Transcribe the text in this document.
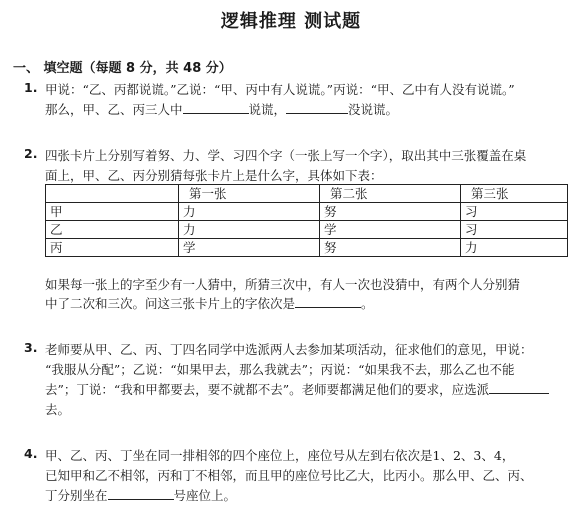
逻辑推理 测试题
一、 填空题（每题 8 分，共 48 分）
1. 甲说：“乙、丙都说谎。”乙说：“甲、丙中有人说谎。”丙说：“甲、乙中有人没有说谎。”
那么，甲、乙、丙三人中	说谎，	没说谎。
2. 四张卡片上分别写着努、力、学、习四个字（一张上写一个字），取出其中三张覆盖在桌
面上，甲、乙、丙分别猜每张卡片上是什么字，具体如下表：
	第一张	第二张	第三张
甲	力	努	习
乙	力	学	习
丙	学	努	力
如果每一张上的字至少有一人猜中，所猜三次中，有人一次也没猜中，有两个人分别猜
中了二次和三次。问这三张卡片上的字依次是	。
3. 老师要从甲、乙、丙、丁四名同学中选派两人去参加某项活动，征求他们的意见，甲说：
“我服从分配”；乙说：“如果甲去，那么我就去”；丙说：“如果我不去，那么乙也不能
去”；丁说：“我和甲都要去，要不就都不去”。老师要都满足他们的要求，应选派
去。
4. 甲、乙、丙、丁坐在同一排相邻的四个座位上，座位号从左到右依次是1、2、3、4，
已知甲和乙不相邻，丙和丁不相邻，而且甲的座位号比乙大，比丙小。那么甲、乙、丙、
丁分别坐在	号座位上。
